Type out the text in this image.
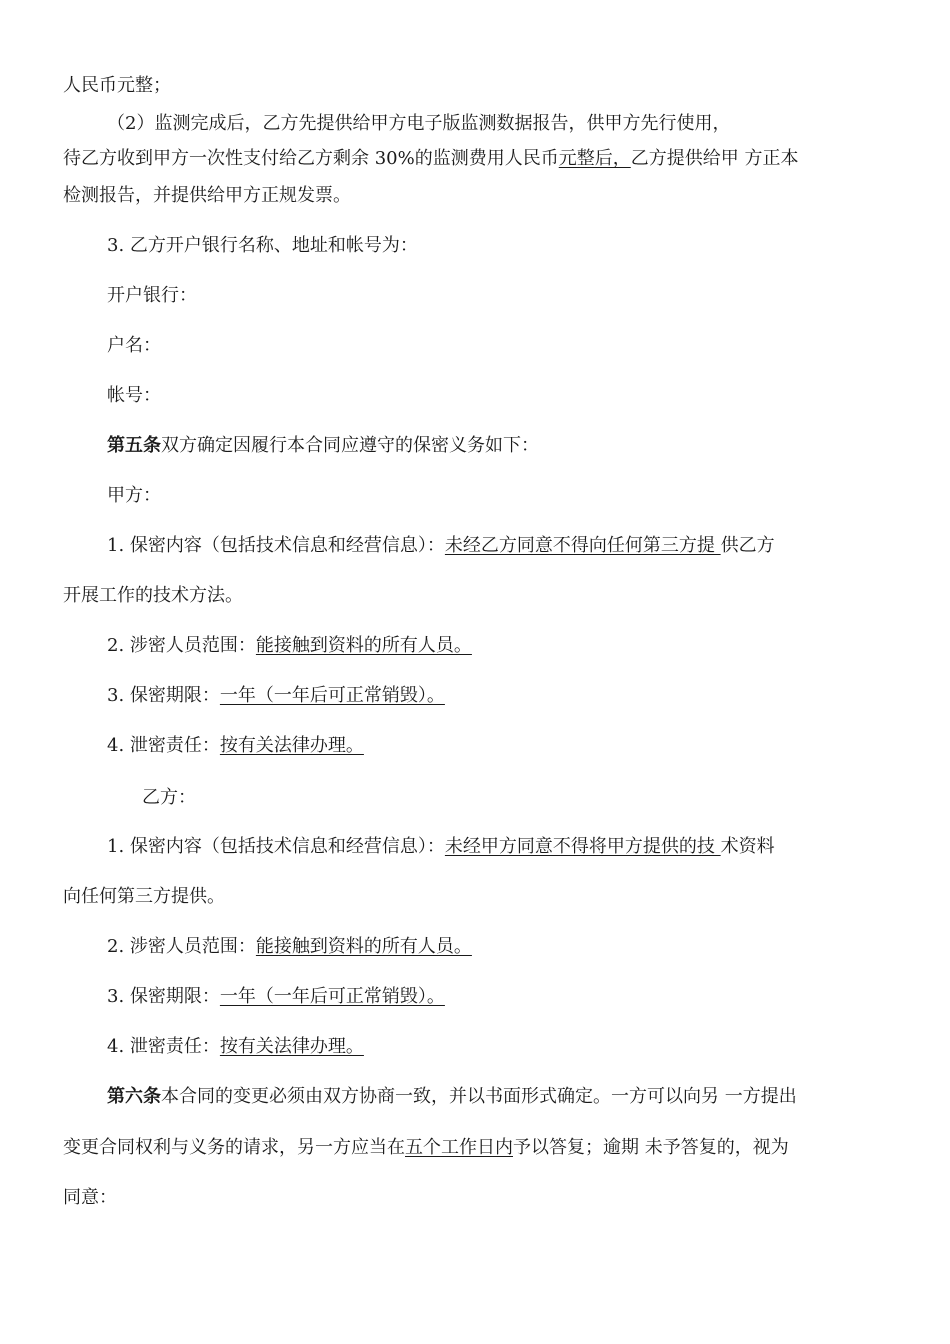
人民币元整；
（2）监测完成后，乙方先提供给甲方电子版监测数据报告，供甲方先行使用，
待乙方收到甲方一次性支付给乙方剩余 30%的监测费用人民币元整后，乙方提供给甲 方正本
检测报告，并提供给甲方正规发票。
3. 乙方开户银行名称、地址和帐号为：
开户银行：
户名：
帐号：
第五条双方确定因履行本合同应遵守的保密义务如下：
甲方：
1. 保密内容（包括技术信息和经营信息）：未经乙方同意不得向任何第三方提 供乙方
开展工作的技术方法。
2. 涉密人员范围：能接触到资料的所有人员。
3. 保密期限：一年（一年后可正常销毁）。
4. 泄密责任：按有关法律办理。
乙方：
1. 保密内容（包括技术信息和经营信息）：未经甲方同意不得将甲方提供的技 术资料
向任何第三方提供。
2. 涉密人员范围：能接触到资料的所有人员。
3. 保密期限：一年（一年后可正常销毁）。
4. 泄密责任：按有关法律办理。
第六条本合同的变更必须由双方协商一致，并以书面形式确定。一方可以向另 一方提出
变更合同权利与义务的请求，另一方应当在五个工作日内予以答复；逾期 未予答复的，视为
同意：
